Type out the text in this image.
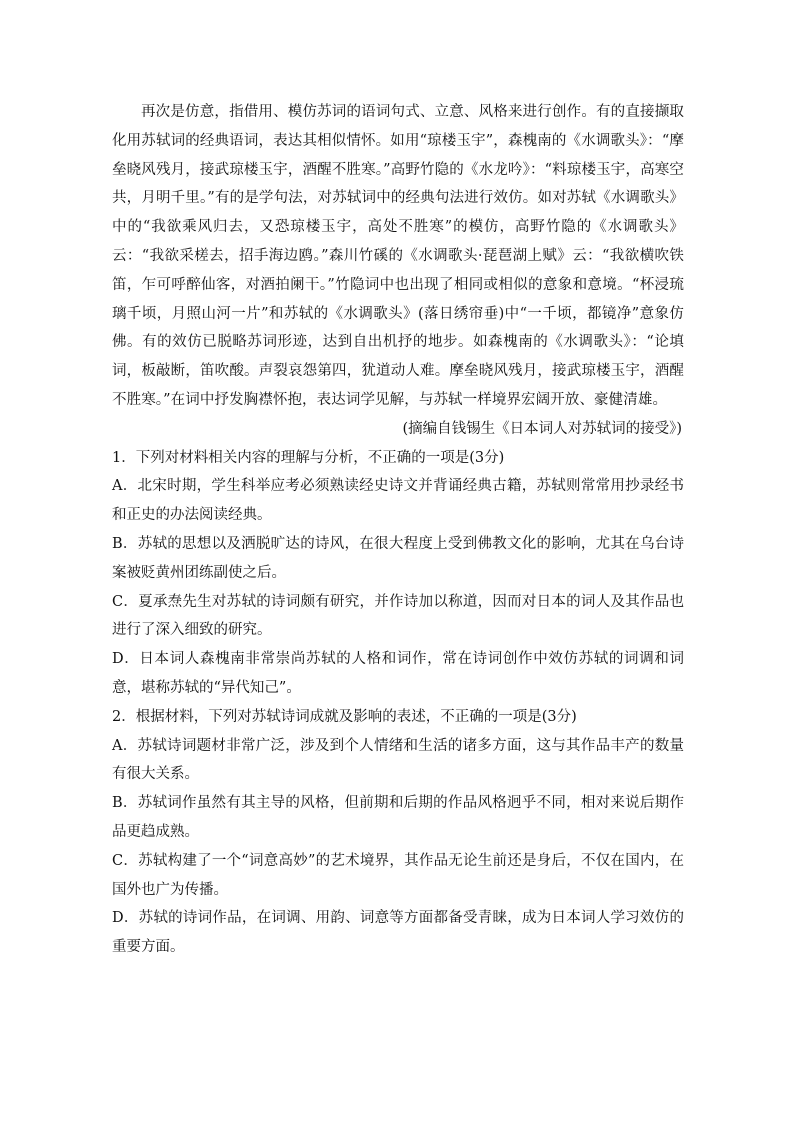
再次是仿意，指借用、模仿苏词的语词句式、立意、风格来进行创作。有的直接撷取化用苏轼词的经典语词，表达其相似情怀。如用“琼楼玉宇”，森槐南的《水调歌头》：“摩垒晓风残月，接武琼楼玉宇，酒醒不胜寒。”高野竹隐的《水龙吟》：“料琼楼玉宇，高寒空共，月明千里。”有的是学句法，对苏轼词中的经典句法进行效仿。如对苏轼《水调歌头》中的“我欲乘风归去，又恐琼楼玉宇，高处不胜寒”的模仿，高野竹隐的《水调歌头》云：“我欲采槎去，招手海边鸥。”森川竹磎的《水调歌头·琵琶湖上赋》云：“我欲横吹铁笛，乍可呼醉仙客，对酒拍阑干。”竹隐词中也出现了相同或相似的意象和意境。“杯浸琉璃千顷，月照山河一片”和苏轼的《水调歌头》(落日绣帘垂)中“一千顷，都镜净”意象仿佛。有的效仿已脱略苏词形迹，达到自出机抒的地步。如森槐南的《水调歌头》：“论填词，板敲断，笛吹酸。声裂哀怨第四，犹道动人难。摩垒晓风残月，接武琼楼玉宇，酒醒不胜寒。”在词中抒发胸襟怀抱，表达词学见解，与苏轼一样境界宏阔开放、豪健清雄。

(摘编自钱锡生《日本词人对苏轼词的接受》)

1．下列对材料相关内容的理解与分析，不正确的一项是(3分)

A．北宋时期，学生科举应考必须熟读经史诗文并背诵经典古籍，苏轼则常常用抄录经书和正史的办法阅读经典。

B．苏轼的思想以及洒脱旷达的诗风，在很大程度上受到佛教文化的影响，尤其在乌台诗案被贬黄州团练副使之后。

C．夏承焘先生对苏轼的诗词颇有研究，并作诗加以称道，因而对日本的词人及其作品也进行了深入细致的研究。

D．日本词人森槐南非常崇尚苏轼的人格和词作，常在诗词创作中效仿苏轼的词调和词意，堪称苏轼的“异代知己”。

2．根据材料，下列对苏轼诗词成就及影响的表述，不正确的一项是(3分)

A．苏轼诗词题材非常广泛，涉及到个人情绪和生活的诸多方面，这与其作品丰产的数量有很大关系。

B．苏轼词作虽然有其主导的风格，但前期和后期的作品风格迥乎不同，相对来说后期作品更趋成熟。

C．苏轼构建了一个“词意高妙”的艺术境界，其作品无论生前还是身后，不仅在国内，在国外也广为传播。

D．苏轼的诗词作品，在词调、用韵、词意等方面都备受青睐，成为日本词人学习效仿的重要方面。
